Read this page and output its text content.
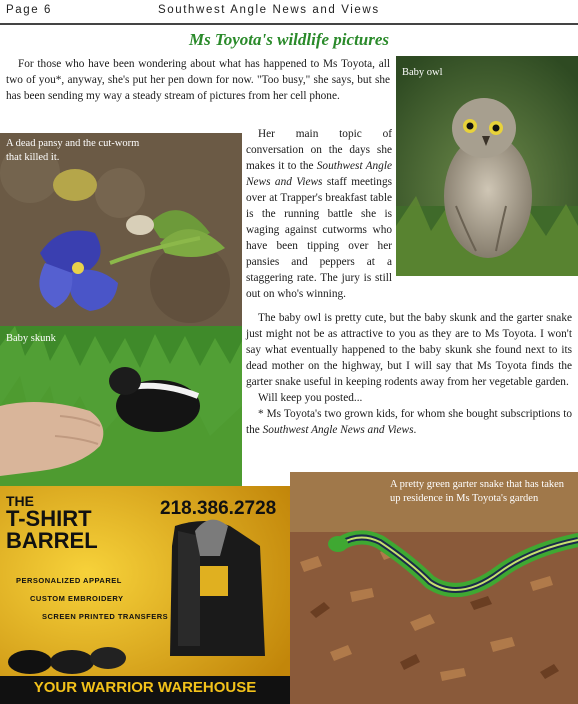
Page 6	Southwest Angle News and Views
Ms Toyota's wildlife pictures

For those who have been wondering about what has happened to Ms Toyota, all two of you*, anyway, she's put her pen down for now. "Too busy," she says, but she has been sending my way a steady stream of pictures from her cell phone.

Baby owl
A dead pansy and the cut-worm that killed it.

Her main topic of conversation on the days she makes it to the Southwest Angle News and Views staff meetings over at Trapper's breakfast table is the running battle she is waging against cutworms who have been tipping over her pansies and peppers at a staggering rate. The jury is still out on who's winning.

Baby skunk

The baby owl is pretty cute, but the baby skunk and the garter snake just might not be as attractive to you as they are to Ms Toyota. I won't say what eventually happened to the baby skunk she found next to its dead mother on the highway, but I will say that Ms Toyota finds the garter snake useful in keeping rodents away from her vegetable garden.

Will keep you posted...

* Ms Toyota's two grown kids, for whom she bought subscriptions to the Southwest Angle News and Views.

THE
T-SHIRT
BARREL
218.386.2728
PERSONALIZED APPAREL
CUSTOM EMBROIDERY
SCREEN PRINTED TRANSFERS
YOUR WARRIOR WAREHOUSE
A pretty green garter snake that has taken up residence in Ms Toyota's garden
